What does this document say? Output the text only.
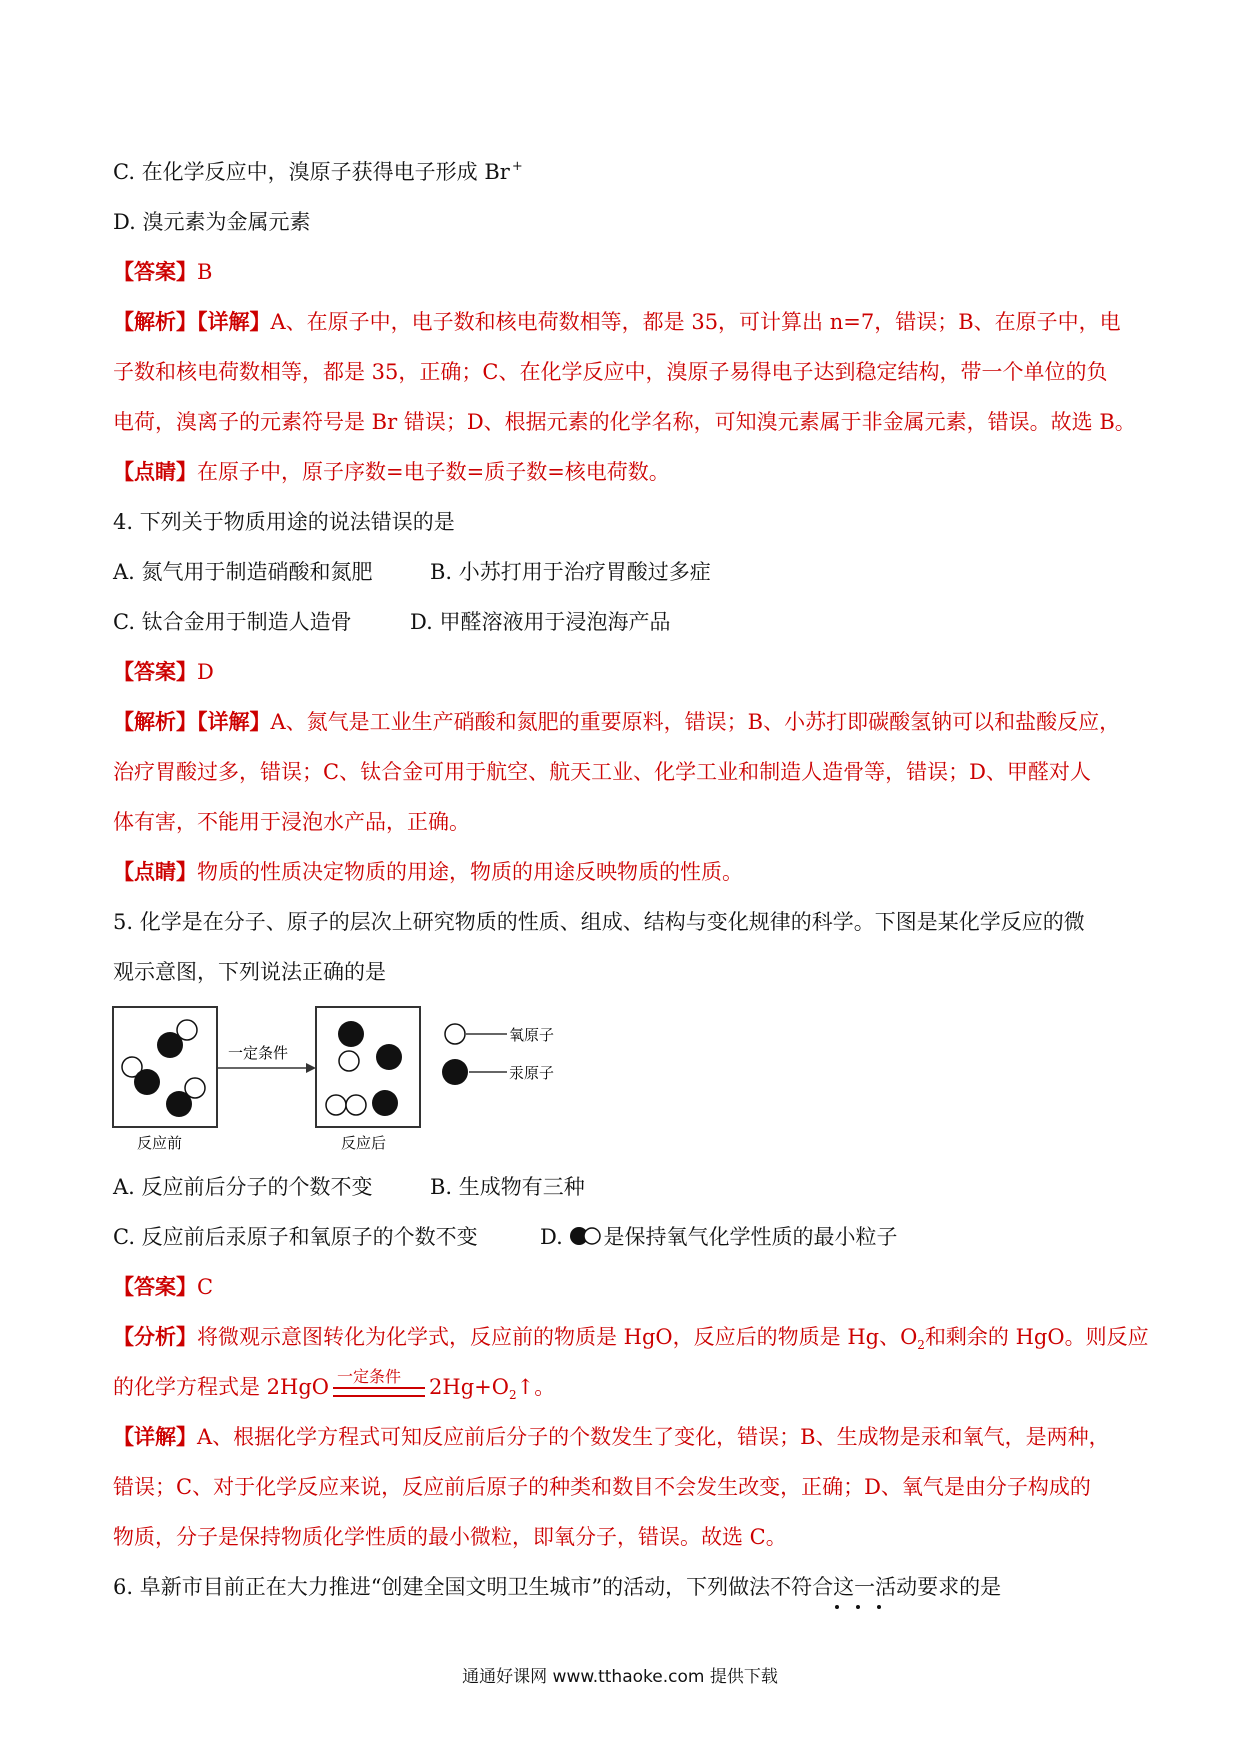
C. 在化学反应中，溴原子获得电子形成 Br +
D. 溴元素为金属元素
【答案】B
【解析】【详解】A、在原子中，电子数和核电荷数相等，都是 35，可计算出 n=7，错误；B、在原子中，电
子数和核电荷数相等，都是 35，正确；C、在化学反应中，溴原子易得电子达到稳定结构，带一个单位的负
电荷，溴离子的元素符号是 Br 错误；D、根据元素的化学名称，可知溴元素属于非金属元素，错误。故选 B。
【点睛】在原子中，原子序数=电子数=质子数=核电荷数。
4. 下列关于物质用途的说法错误的是
A. 氮气用于制造硝酸和氮肥	B. 小苏打用于治疗胃酸过多症
C. 钛合金用于制造人造骨	D. 甲醛溶液用于浸泡海产品
【答案】D
【解析】【详解】A、氮气是工业生产硝酸和氮肥的重要原料，错误；B、小苏打即碳酸氢钠可以和盐酸反应，
治疗胃酸过多，错误；C、钛合金可用于航空、航天工业、化学工业和制造人造骨等，错误；D、甲醛对人
体有害，不能用于浸泡水产品，正确。
【点睛】物质的性质决定物质的用途，物质的用途反映物质的性质。
5. 化学是在分子、原子的层次上研究物质的性质、组成、结构与变化规律的科学。下图是某化学反应的微
观示意图，下列说法正确的是
一定条件
反应前	反应后
氧原子
汞原子
A. 反应前后分子的个数不变	B. 生成物有三种
C. 反应前后汞原子和氧原子的个数不变	D. 是保持氧气化学性质的最小粒子
【答案】C
【分析】将微观示意图转化为化学式，反应前的物质是 HgO，反应后的物质是 Hg、$O_2$和剩余的 HgO。则反应
的化学方程式是 2HgO 一定条件 $2Hg+O_2↑$。
【详解】A、根据化学方程式可知反应前后分子的个数发生了变化，错误；B、生成物是汞和氧气，是两种，
错误；C、对于化学反应来说，反应前后原子的种类和数目不会发生改变，正确；D、氧气是由分子构成的
物质，分子是保持物质化学性质的最小微粒，即氧分子，错误。故选 C。
6. 阜新市目前正在大力推进“创建全国文明卫生城市”的活动，下列做法不符合这一活动要求的是
通通好课网 www.tthaoke.com 提供下载
